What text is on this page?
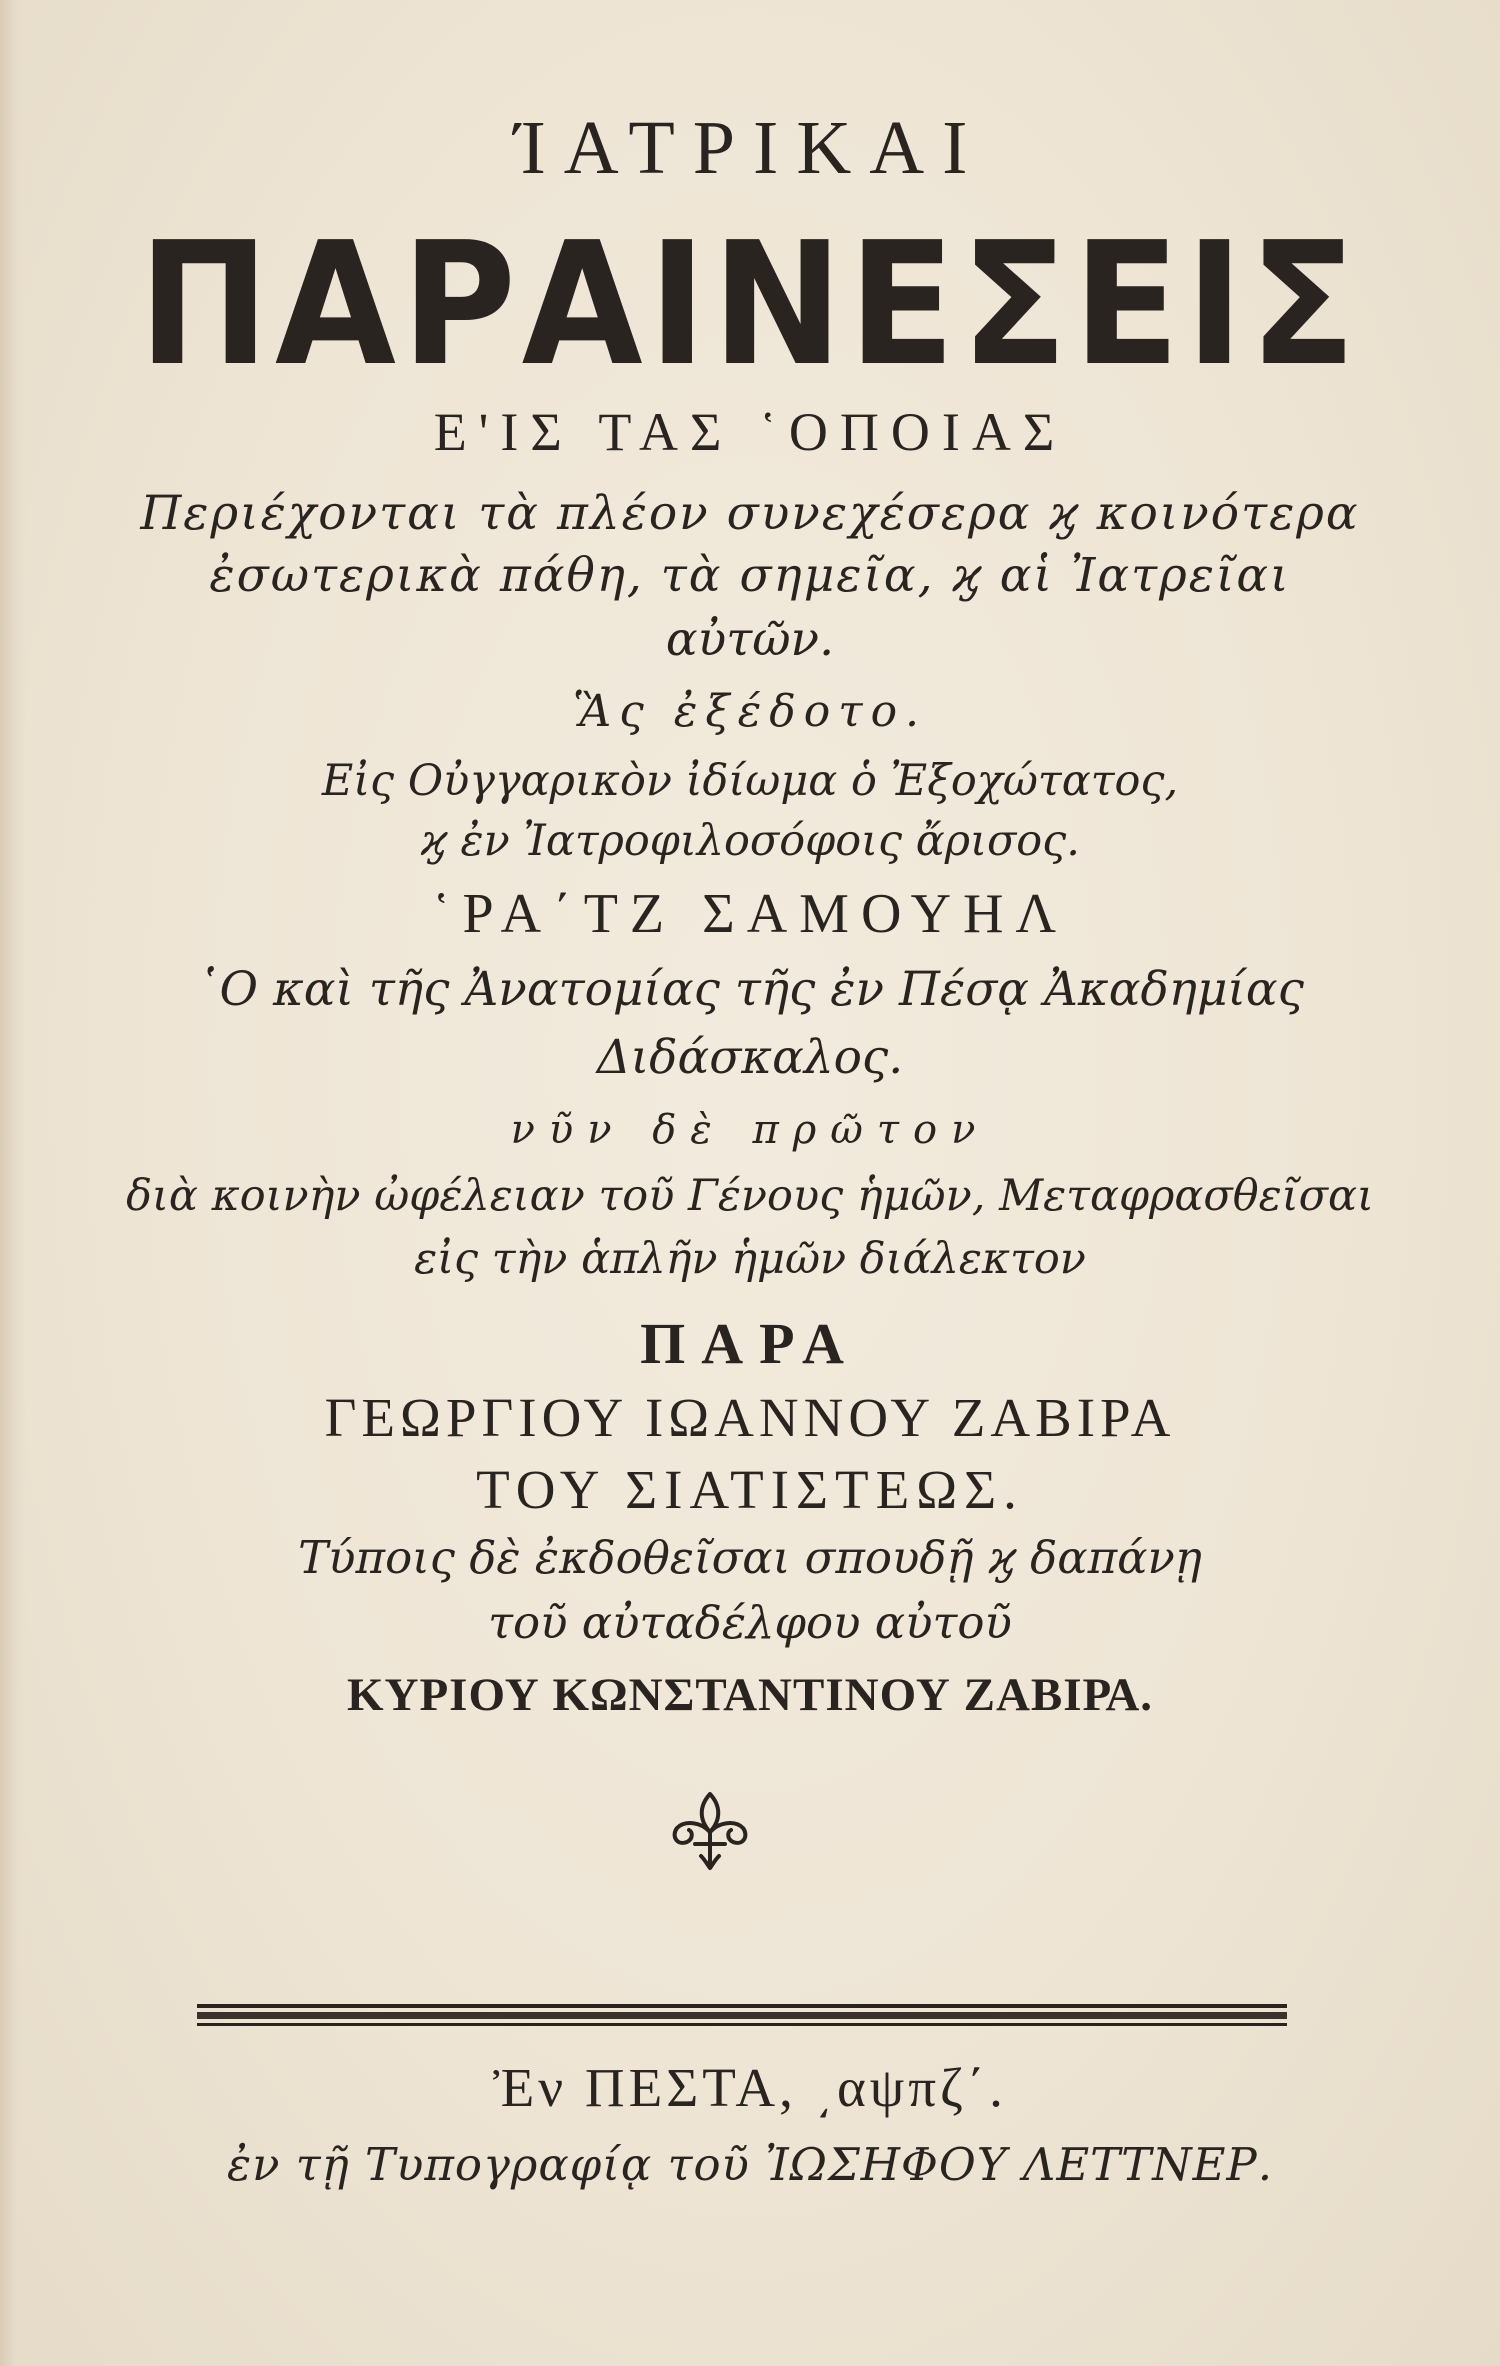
ΊΑΤΡΙΚΑΙ
ΠΑΡΑΙΝΕΣΕΙΣ
Ε'ΙΣ ΤΑΣ ῾ΟΠΟΙΑΣ
Περιέχονται τὰ πλέον συνεχέσερα ϗ κοινότερα
ἐσωτερικὰ πάθη, τὰ σημεῖα, ϗ αἱ Ἰατρεῖαι
αὐτῶν.
Ἃς ἐξέδοτο.
Εἰς Οὐγγαρικὸν ἰδίωμα ὁ Ἐξοχώτατος,
ϗ ἐν Ἰατροφιλοσόφοις ἄρισος.
῾ΡΑ΄ΤΖ ΣΑΜΟΥΗΛ
῾Ο καὶ τῆς Ἀνατομίας τῆς ἐν Πέσᾳ Ἀκαδημίας
Διδάσκαλος.
νῦν δὲ πρῶτον
διὰ κοινὴν ὠφέλειαν τοῦ Γένους ἡμῶν, Μεταφρασθεῖσαι
εἰς τὴν ἁπλῆν ἡμῶν διάλεκτον
ΠΑΡΑ
ΓΕΩΡΓΙΟΥ ΙΩΑΝΝΟΥ ΖΑΒΙΡΑ
ΤΟΥ ΣΙΑΤΙΣΤΕΩΣ.
Τύποις δὲ ἐκδοθεῖσαι σπουδῇ ϗ δαπάνῃ
τοῦ αὐταδέλφου αὐτοῦ
ΚΥΡΙΟΥ ΚΩΝΣΤΑΝΤΙΝΟΥ ΖΑΒΙΡΑ.
Ἐν ΠΕΣΤΑ, ͵αψπζ΄.
ἐν τῇ Τυπογραφίᾳ τοῦ ἸΩΣΗΦΟΥ ΛΕΤΤΝΕΡ.
